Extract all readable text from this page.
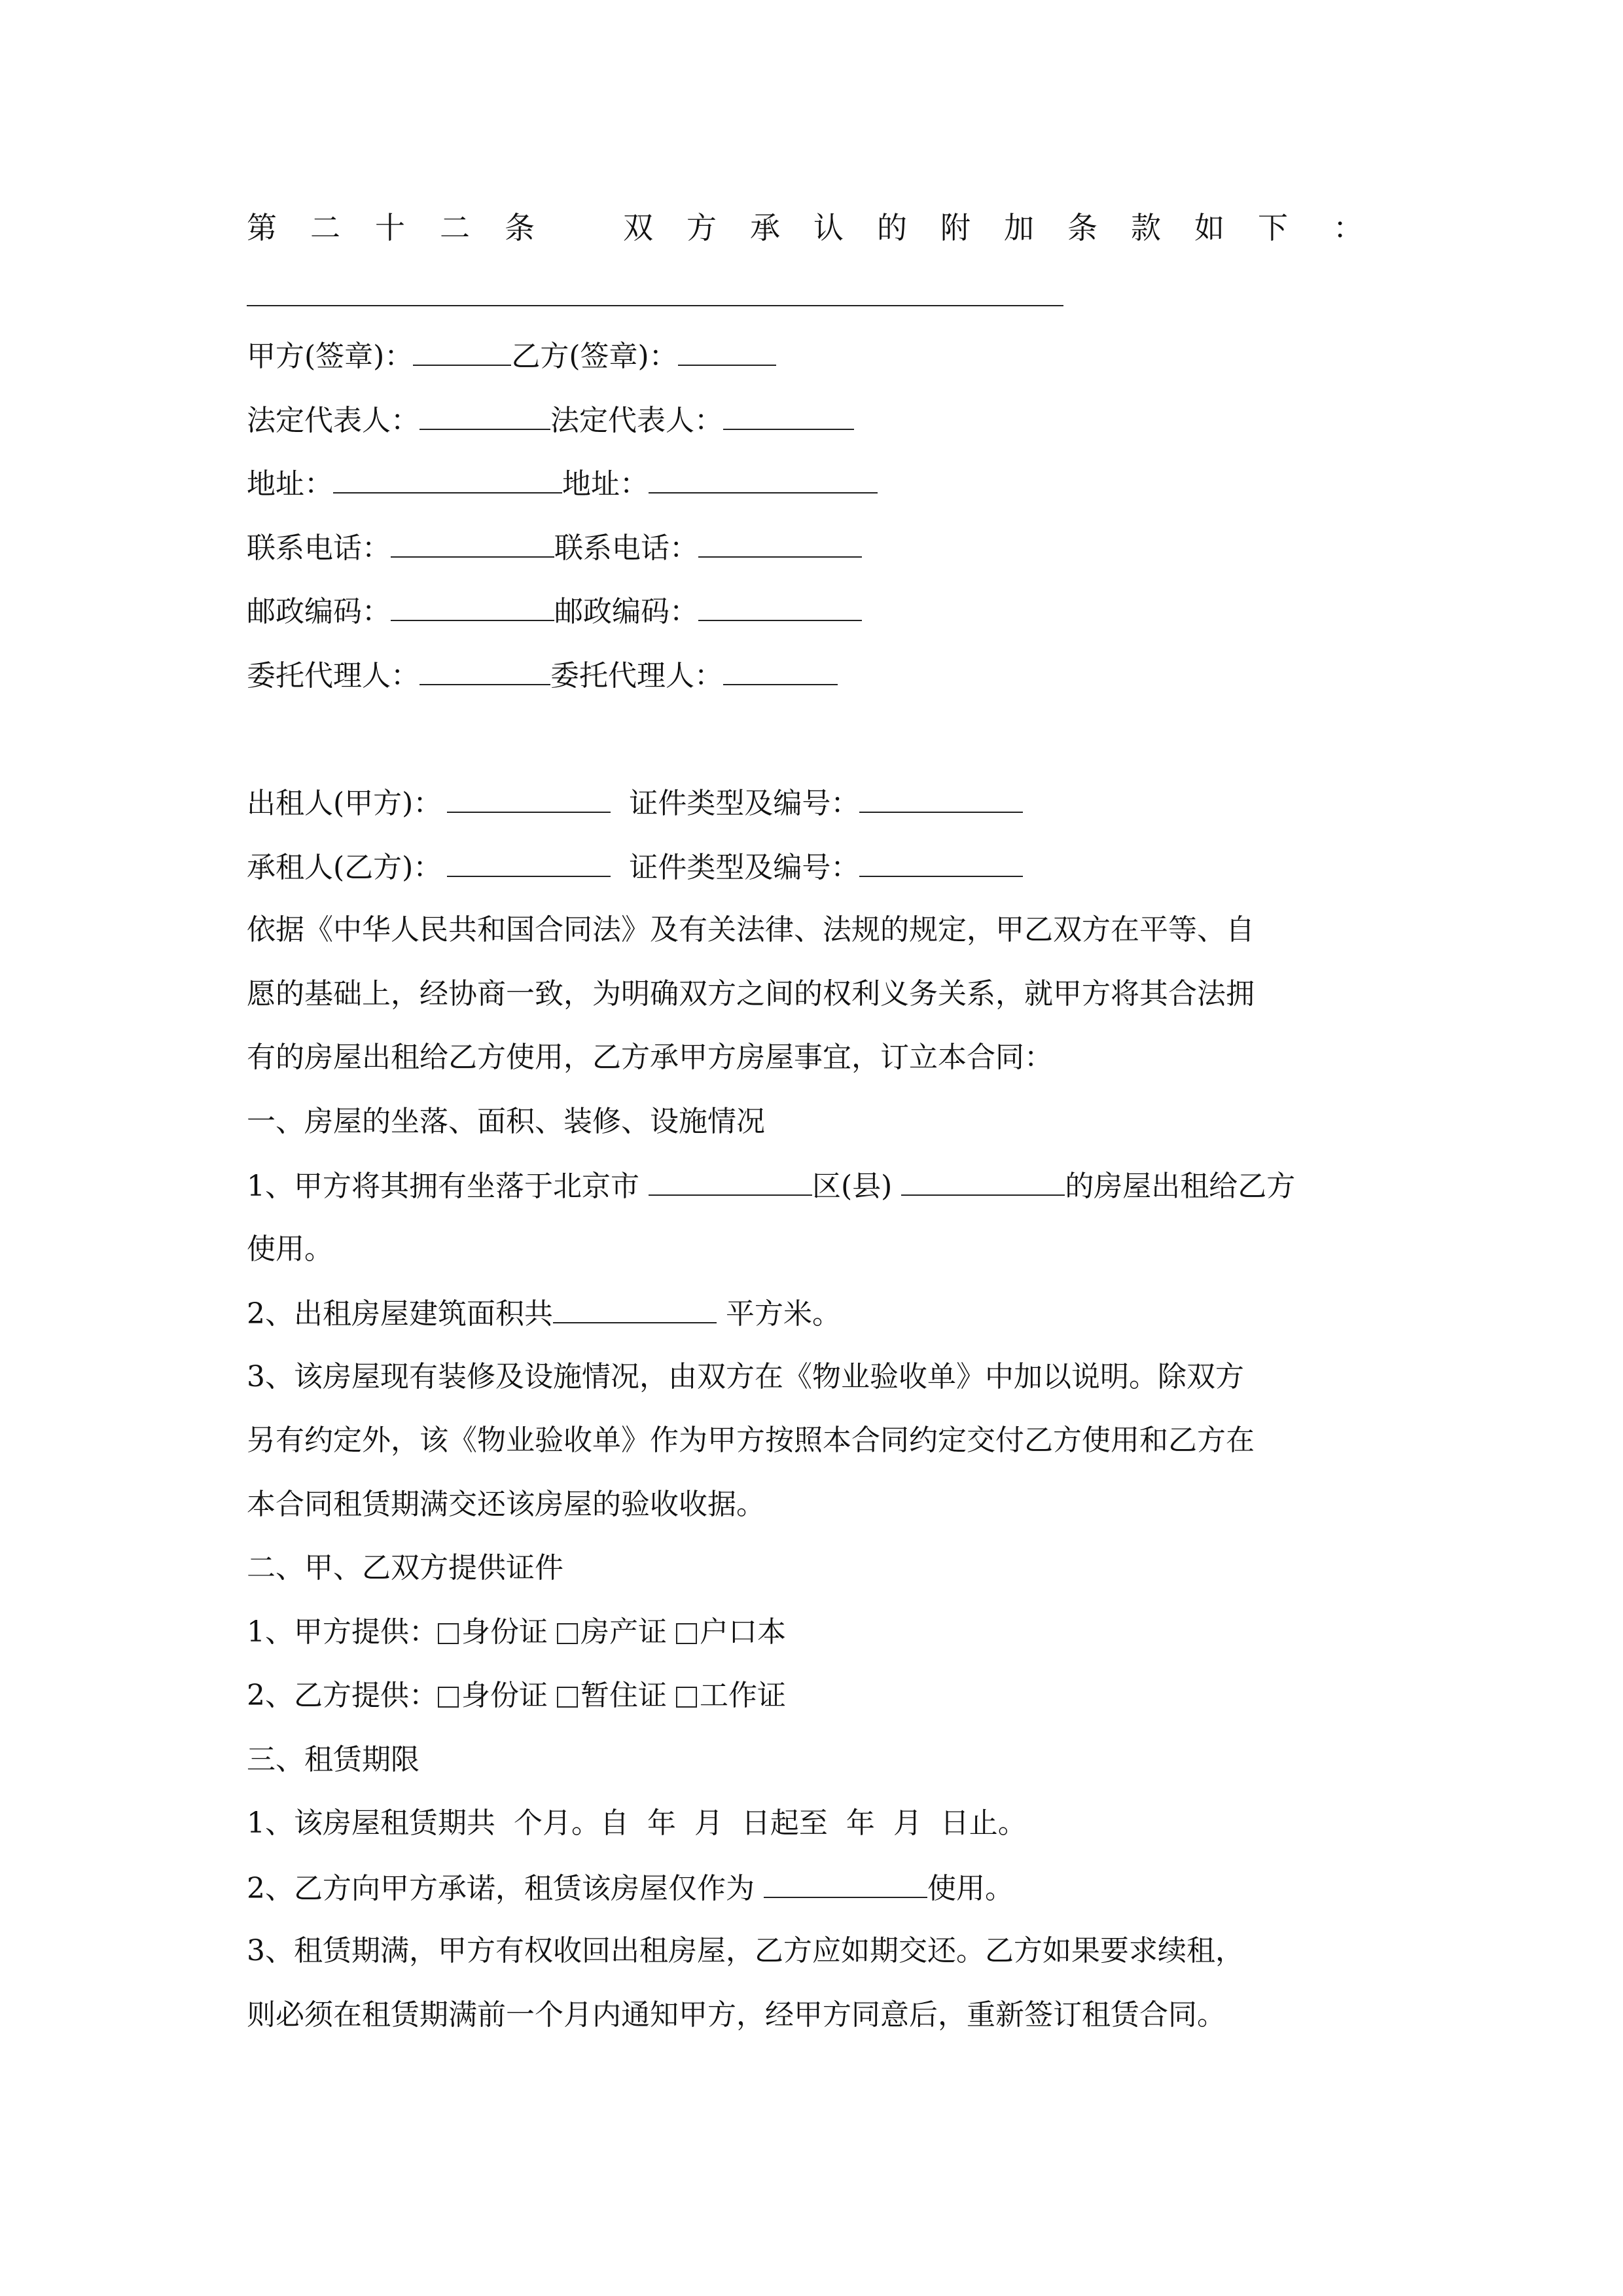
第 二 十 二 条	双 方 承 认 的 附 加 条 款 如 下 ：
甲方(签章)：	乙方(签章)：
法定代表人：	法定代表人：
地址：	地址：
联系电话：	联系电话：
邮政编码：	邮政编码：
委托代理人：	委托代理人：
出租人(甲方)：	证件类型及编号：
承租人(乙方)：	证件类型及编号：
依据《中华人民共和国合同法》及有关法律、法规的规定，甲乙双方在平等、自
愿的基础上，经协商一致，为明确双方之间的权利义务关系，就甲方将其合法拥
有的房屋出租给乙方使用，乙方承甲方房屋事宜，订立本合同：
一、房屋的坐落、面积、装修、设施情况
1、甲方将其拥有坐落于北京市	区(县)	的房屋出租给乙方
使用。
2、出租房屋建筑面积共	平方米。
3、该房屋现有装修及设施情况，由双方在《物业验收单》中加以说明。除双方
另有约定外，该《物业验收单》作为甲方按照本合同约定交付乙方使用和乙方在
本合同租赁期满交还该房屋的验收收据。
二、甲、乙双方提供证件
1、甲方提供： 身份证 房产证 户口本
2、乙方提供： 身份证 暂住证 工作证
三、租赁期限
1、该房屋租赁期共  个月。自  年  月  日起至  年  月  日止。
2、乙方向甲方承诺，租赁该房屋仅作为	使用。
3、租赁期满，甲方有权收回出租房屋，乙方应如期交还。乙方如果要求续租，
则必须在租赁期满前一个月内通知甲方，经甲方同意后，重新签订租赁合同。
